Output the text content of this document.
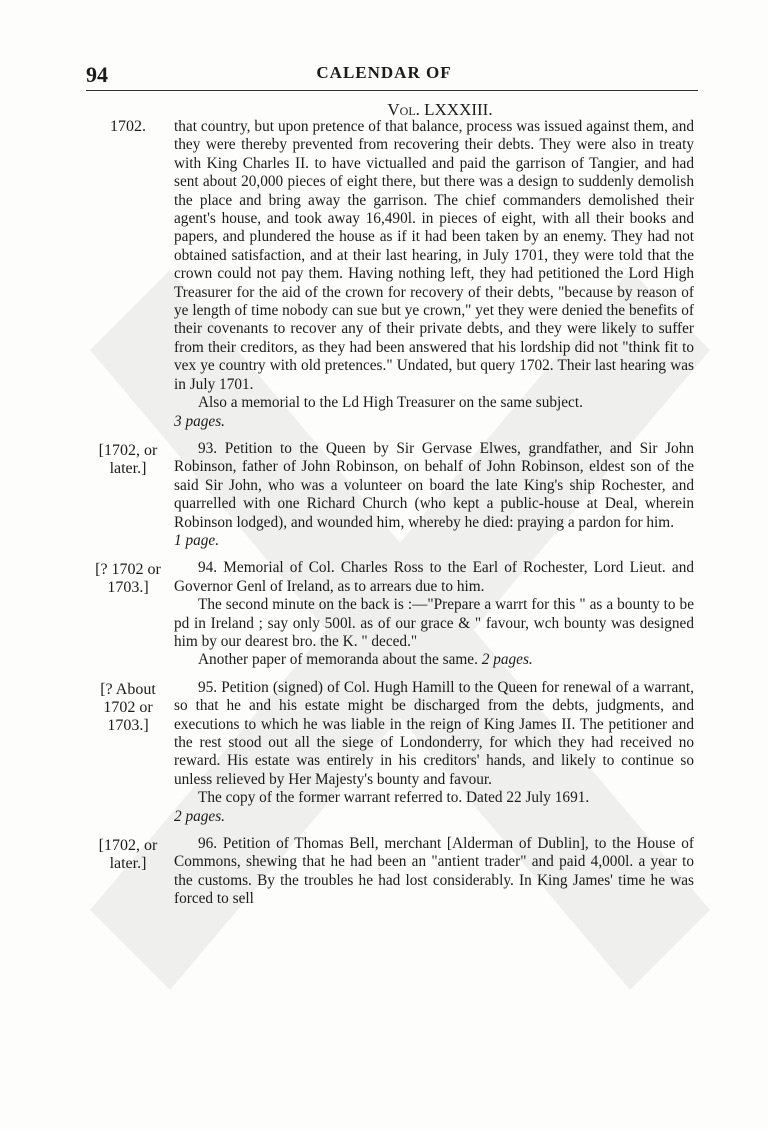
94	CALENDAR OF
Vol. LXXXIII.
1702.	that country, but upon pretence of that balance, process was issued against them, and they were thereby prevented from recovering their debts. They were also in treaty with King Charles II. to have victualled and paid the garrison of Tangier, and had sent about 20,000 pieces of eight there, but there was a design to suddenly demolish the place and bring away the garrison. The chief commanders demolished their agent's house, and took away 16,490l. in pieces of eight, with all their books and papers, and plundered the house as if it had been taken by an enemy. They had not obtained satisfaction, and at their last hearing, in July 1701, they were told that the crown could not pay them. Having nothing left, they had petitioned the Lord High Treasurer for the aid of the crown for recovery of their debts, "because by reason of ye length of time nobody can sue but ye crown," yet they were denied the benefits of their covenants to recover any of their private debts, and they were likely to suffer from their creditors, as they had been answered that his lordship did not "think fit to vex ye country with old pretences." Undated, but query 1702. Their last hearing was in July 1701.

Also a memorial to the Ld High Treasurer on the same subject.

3 pages.
[1702, or
later.]

93. Petition to the Queen by Sir Gervase Elwes, grandfather, and Sir John Robinson, father of John Robinson, on behalf of John Robinson, eldest son of the said Sir John, who was a volunteer on board the late King's ship Rochester, and quarrelled with one Richard Church (who kept a public-house at Deal, wherein Robinson lodged), and wounded him, whereby he died: praying a pardon for him.

1 page.
[? 1702 or
1703.]

94. Memorial of Col. Charles Ross to the Earl of Rochester, Lord Lieut. and Governor Genl of Ireland, as to arrears due to him.

The second minute on the back is :—"Prepare a warrt for this " as a bounty to be pd in Ireland ; say only 500l. as of our grace & " favour, wch bounty was designed him by our dearest bro. the K. " deced."

Another paper of memoranda about the same. 2 pages.

[? About
1702 or
1703.]

95. Petition (signed) of Col. Hugh Hamill to the Queen for renewal of a warrant, so that he and his estate might be discharged from the debts, judgments, and executions to which he was liable in the reign of King James II. The petitioner and the rest stood out all the siege of Londonderry, for which they had received no reward. His estate was entirely in his creditors' hands, and likely to continue so unless relieved by Her Majesty's bounty and favour.

The copy of the former warrant referred to. Dated 22 July 1691.

2 pages.
[1702, or
later.]

96. Petition of Thomas Bell, merchant [Alderman of Dublin], to the House of Commons, shewing that he had been an "antient trader" and paid 4,000l. a year to the customs. By the troubles he had lost considerably. In King James' time he was forced to sell
